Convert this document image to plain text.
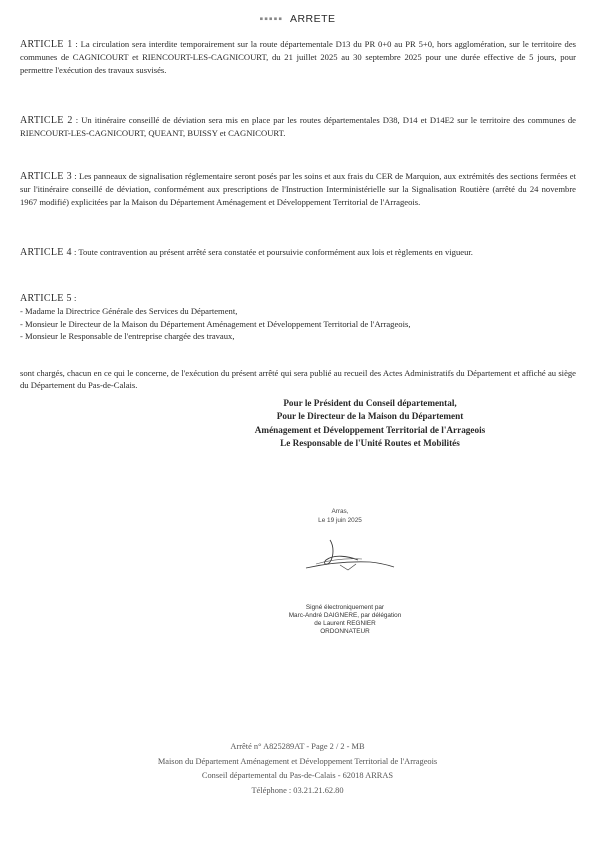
▪▪▪▪▪ ARRETE

ARTICLE 1 : La circulation sera interdite temporairement sur la route départementale D13 du PR 0+0 au PR 5+0, hors agglomération, sur le territoire des communes de CAGNICOURT et RIENCOURT-LES-CAGNICOURT, du 21 juillet 2025 au 30 septembre 2025 pour une durée effective de 5 jours, pour permettre l'exécution des travaux susvisés.

ARTICLE 2 : Un itinéraire conseillé de déviation sera mis en place par les routes départementales D38, D14 et D14E2 sur le territoire des communes de RIENCOURT-LES-CAGNICOURT, QUEANT, BUISSY et CAGNICOURT.

ARTICLE 3 : Les panneaux de signalisation réglementaire seront posés par les soins et aux frais du CER de Marquion, aux extrémités des sections fermées et sur l'itinéraire conseillé de déviation, conformément aux prescriptions de l'Instruction Interministérielle sur la Signalisation Routière (arrêté du 24 novembre 1967 modifié) explicitées par la Maison du Département Aménagement et Développement Territorial de l'Arrageois.

ARTICLE 4 : Toute contravention au présent arrêté sera constatée et poursuivie conformément aux lois et règlements en vigueur.

ARTICLE 5 :
- Madame la Directrice Générale des Services du Département,
- Monsieur le Directeur de la Maison du Département Aménagement et Développement Territorial de l'Arrageois,
- Monsieur le Responsable de l'entreprise chargée des travaux,

sont chargés, chacun en ce qui le concerne, de l'exécution du présent arrêté qui sera publié au recueil des Actes Administratifs du Département et affiché au siège du Département du Pas-de-Calais.

Pour le Président du Conseil départemental,
Pour le Directeur de la Maison du Département
Aménagement et Développement Territorial de l'Arrageois
Le Responsable de l'Unité Routes et Mobilités
Arras,
Le 19 juin 2025
Signé électroniquement par
Marc-André DAIGNERE, par délégation
de Laurent REGNIER
ORDONNATEUR
Arrêté n° A825289AT - Page 2 / 2 - MB
Maison du Département Aménagement et Développement Territorial de l'Arrageois
Conseil départemental du Pas-de-Calais - 62018 ARRAS
Téléphone : 03.21.21.62.80
